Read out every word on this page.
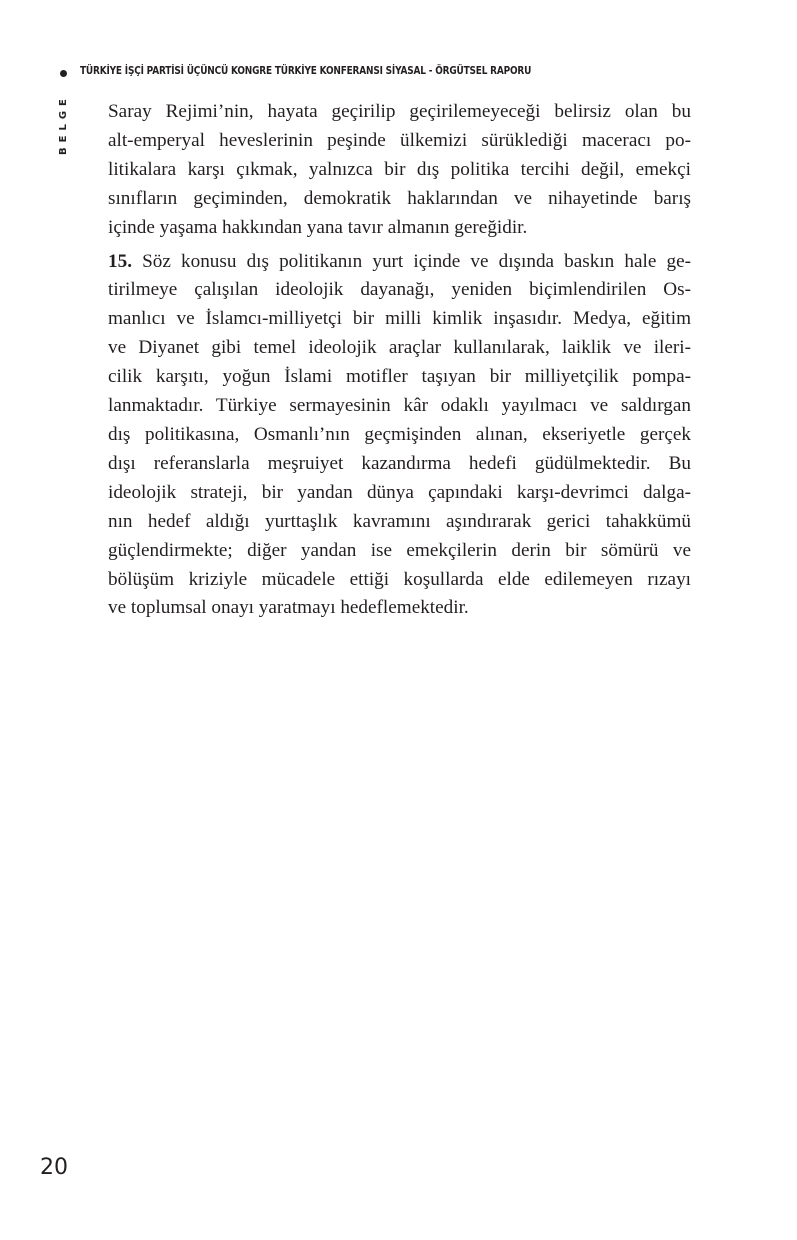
TÜRKİYE İŞÇİ PARTİSİ ÜÇÜNCÜ KONGRE TÜRKİYE KONFERANSI SİYASAL - ÖRGÜTSEL RAPORU
BELGE Saray Rejimi’nin, hayata geçirilip geçirilemeyeceği belirsiz olan bu
alt-emperyal heveslerinin peşinde ülkemizi sürüklediği maceracı po-
litikalara karşı çıkmak, yalnızca bir dış politika tercihi değil, emekçi
sınıfların geçiminden, demokratik haklarından ve nihayetinde barış
içinde yaşama hakkından yana tavır almanın gereğidir.
15. Söz konusu dış politikanın yurt içinde ve dışında baskın hale ge-
tirilmeye çalışılan ideolojik dayanağı, yeniden biçimlendirilen Os-
manlıcı ve İslamcı-milliyetçi bir milli kimlik inşasıdır. Medya, eğitim
ve Diyanet gibi temel ideolojik araçlar kullanılarak, laiklik ve ileri-
cilik karşıtı, yoğun İslami motifler taşıyan bir milliyetçilik pompa-
lanmaktadır. Türkiye sermayesinin kâr odaklı yayılmacı ve saldırgan
dış politikasına, Osmanlı’nın geçmişinden alınan, ekseriyetle gerçek
dışı referanslarla meşruiyet kazandırma hedefi güdülmektedir. Bu
ideolojik strateji, bir yandan dünya çapındaki karşı-devrimci dalga-
nın hedef aldığı yurttaşlık kavramını aşındırarak gerici tahakkümü
güçlendirmekte; diğer yandan ise emekçilerin derin bir sömürü ve
bölüşüm kriziyle mücadele ettiği koşullarda elde edilemeyen rızayı
ve toplumsal onayı yaratmayı hedeflemektedir.
20
